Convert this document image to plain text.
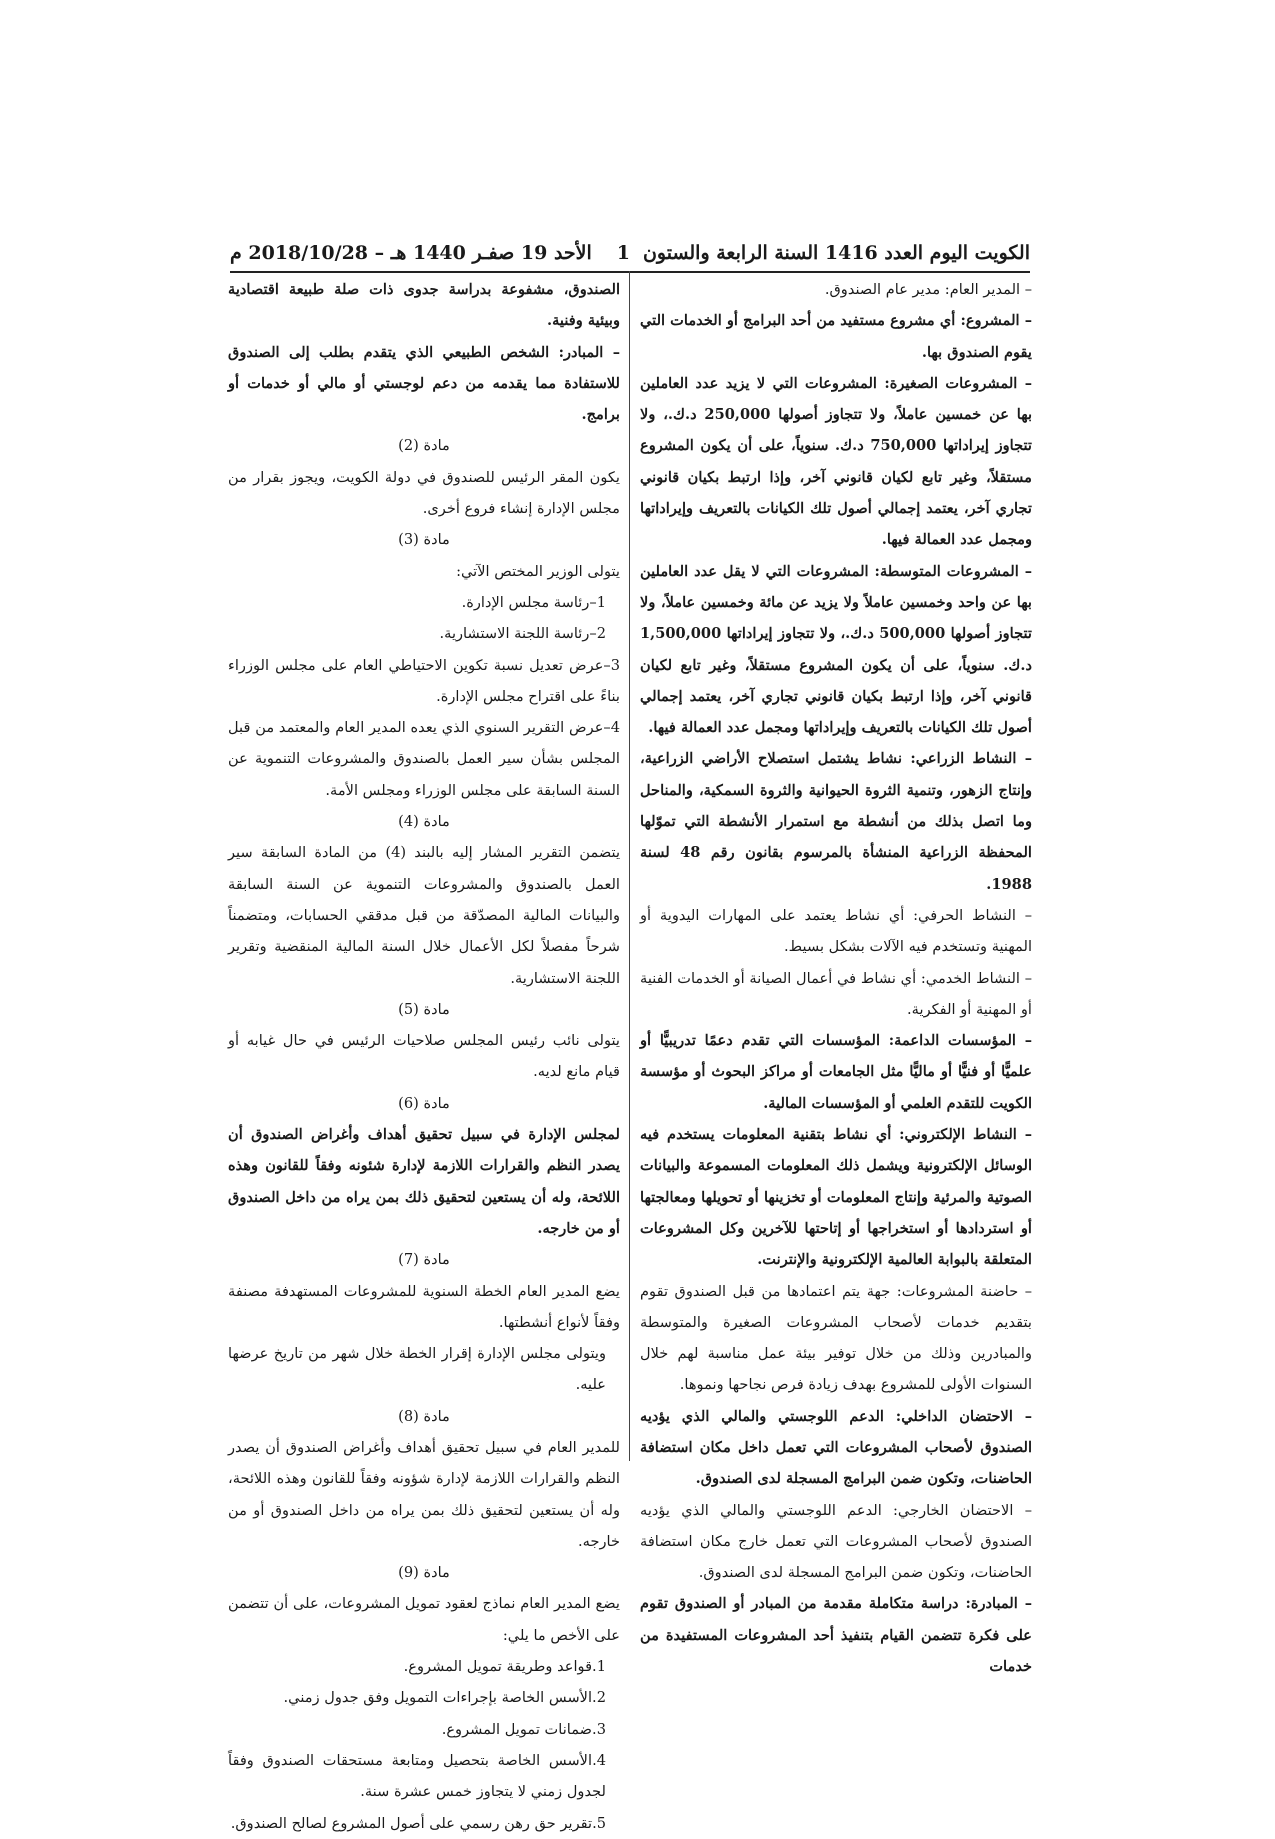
الكويت اليوم العدد 1416 السنة الرابعة والستون
1
الأحد 19 صفـر 1440 هـ – 2018/10/28 م

– المدير العام: مدير عام الصندوق.

– المشروع: أي مشروع مستفيد من أحد البرامج أو الخدمات التي يقوم الصندوق بها.

– المشروعات الصغيرة: المشروعات التي لا يزيد عدد العاملين بها عن خمسين عاملاً، ولا تتجاوز أصولها 250,000 د.ك.، ولا تتجاوز إيراداتها 750,000 د.ك. سنوياً، على أن يكون المشروع مستقلاً، وغير تابع لكيان قانوني آخر، وإذا ارتبط بكيان قانوني تجاري آخر، يعتمد إجمالي أصول تلك الكيانات بالتعريف وإيراداتها ومجمل عدد العمالة فيها.

– المشروعات المتوسطة: المشروعات التي لا يقل عدد العاملين بها عن واحد وخمسين عاملاً ولا يزيد عن مائة وخمسين عاملاً، ولا تتجاوز أصولها 500,000 د.ك.، ولا تتجاوز إيراداتها 1,500,000 د.ك. سنوياً، على أن يكون المشروع مستقلاً، وغير تابع لكيان قانوني آخر، وإذا ارتبط بكيان قانوني تجاري آخر، يعتمد إجمالي أصول تلك الكيانات بالتعريف وإيراداتها ومجمل عدد العمالة فيها.

– النشاط الزراعي: نشاط يشتمل استصلاح الأراضي الزراعية، وإنتاج الزهور، وتنمية الثروة الحيوانية والثروة السمكية، والمناحل وما اتصل بذلك من أنشطة مع استمرار الأنشطة التي تموّلها المحفظة الزراعية المنشأة بالمرسوم بقانون رقم 48 لسنة 1988.

– النشاط الحرفي: أي نشاط يعتمد على المهارات اليدوية أو المهنية وتستخدم فيه الآلات بشكل بسيط.

– النشاط الخدمي: أي نشاط في أعمال الصيانة أو الخدمات الفنية أو المهنية أو الفكرية.

– المؤسسات الداعمة: المؤسسات التي تقدم دعمًا تدريبيًّا أو علميًّا أو فنيًّا أو ماليًّا مثل الجامعات أو مراكز البحوث أو مؤسسة الكويت للتقدم العلمي أو المؤسسات المالية.

– النشاط الإلكتروني: أي نشاط بتقنية المعلومات يستخدم فيه الوسائل الإلكترونية ويشمل ذلك المعلومات المسموعة والبيانات الصوتية والمرئية وإنتاج المعلومات أو تخزينها أو تحويلها ومعالجتها أو استردادها أو استخراجها أو إتاحتها للآخرين وكل المشروعات المتعلقة بالبوابة العالمية الإلكترونية والإنترنت.

– حاضنة المشروعات: جهة يتم اعتمادها من قبل الصندوق تقوم بتقديم خدمات لأصحاب المشروعات الصغيرة والمتوسطة والمبادرين وذلك من خلال توفير بيئة عمل مناسبة لهم خلال السنوات الأولى للمشروع بهدف زيادة فرص نجاحها ونموها.

– الاحتضان الداخلي: الدعم اللوجستي والمالي الذي يؤديه الصندوق لأصحاب المشروعات التي تعمل داخل مكان استضافة الحاضنات، وتكون ضمن البرامج المسجلة لدى الصندوق.

– الاحتضان الخارجي: الدعم اللوجستي والمالي الذي يؤديه الصندوق لأصحاب المشروعات التي تعمل خارج مكان استضافة الحاضنات، وتكون ضمن البرامج المسجلة لدى الصندوق.

– المبادرة: دراسة متكاملة مقدمة من المبادر أو الصندوق تقوم على فكرة تتضمن القيام بتنفيذ أحد المشروعات المستفيدة من خدمات

الصندوق، مشفوعة بدراسة جدوى ذات صلة طبيعة اقتصادية وبيئية وفنية.

– المبادر: الشخص الطبيعي الذي يتقدم بطلب إلى الصندوق للاستفادة مما يقدمه من دعم لوجستي أو مالي أو خدمات أو برامج.

مادة (2)

يكون المقر الرئيس للصندوق في دولة الكويت، ويجوز بقرار من مجلس الإدارة إنشاء فروع أخرى.

مادة (3)

يتولى الوزير المختص الآتي:

1–رئاسة مجلس الإدارة.

2–رئاسة اللجنة الاستشارية.

3–عرض تعديل نسبة تكوين الاحتياطي العام على مجلس الوزراء بناءً على اقتراح مجلس الإدارة.

4–عرض التقرير السنوي الذي يعده المدير العام والمعتمد من قبل المجلس بشأن سير العمل بالصندوق والمشروعات التنموية عن السنة السابقة على مجلس الوزراء ومجلس الأمة.

مادة (4)

يتضمن التقرير المشار إليه بالبند (4) من المادة السابقة سير العمل بالصندوق والمشروعات التنموية عن السنة السابقة والبيانات المالية المصدّقة من قبل مدققي الحسابات، ومتضمناً شرحاً مفصلاً لكل الأعمال خلال السنة المالية المنقضية وتقرير اللجنة الاستشارية.

مادة (5)

يتولى نائب رئيس المجلس صلاحيات الرئيس في حال غيابه أو قيام مانع لديه.

مادة (6)

لمجلس الإدارة في سبيل تحقيق أهداف وأغراض الصندوق أن يصدر النظم والقرارات اللازمة لإدارة شئونه وفقاً للقانون وهذه اللائحة، وله أن يستعين لتحقيق ذلك بمن يراه من داخل الصندوق أو من خارجه.

مادة (7)

يضع المدير العام الخطة السنوية للمشروعات المستهدفة مصنفة وفقاً لأنواع أنشطتها.

ويتولى مجلس الإدارة إقرار الخطة خلال شهر من تاريخ عرضها عليه.

مادة (8)

للمدير العام في سبيل تحقيق أهداف وأغراض الصندوق أن يصدر النظم والقرارات اللازمة لإدارة شؤونه وفقاً للقانون وهذه اللائحة، وله أن يستعين لتحقيق ذلك بمن يراه من داخل الصندوق أو من خارجه.

مادة (9)

يضع المدير العام نماذج لعقود تمويل المشروعات، على أن تتضمن على الأخص ما يلي:

1.قواعد وطريقة تمويل المشروع.

2.الأسس الخاصة بإجراءات التمويل وفق جدول زمني.

3.ضمانات تمويل المشروع.

4.الأسس الخاصة بتحصيل ومتابعة مستحقات الصندوق وفقاً لجدول زمني لا يتجاوز خمس عشرة سنة.

5.تقرير حق رهن رسمي على أصول المشروع لصالح الصندوق.
